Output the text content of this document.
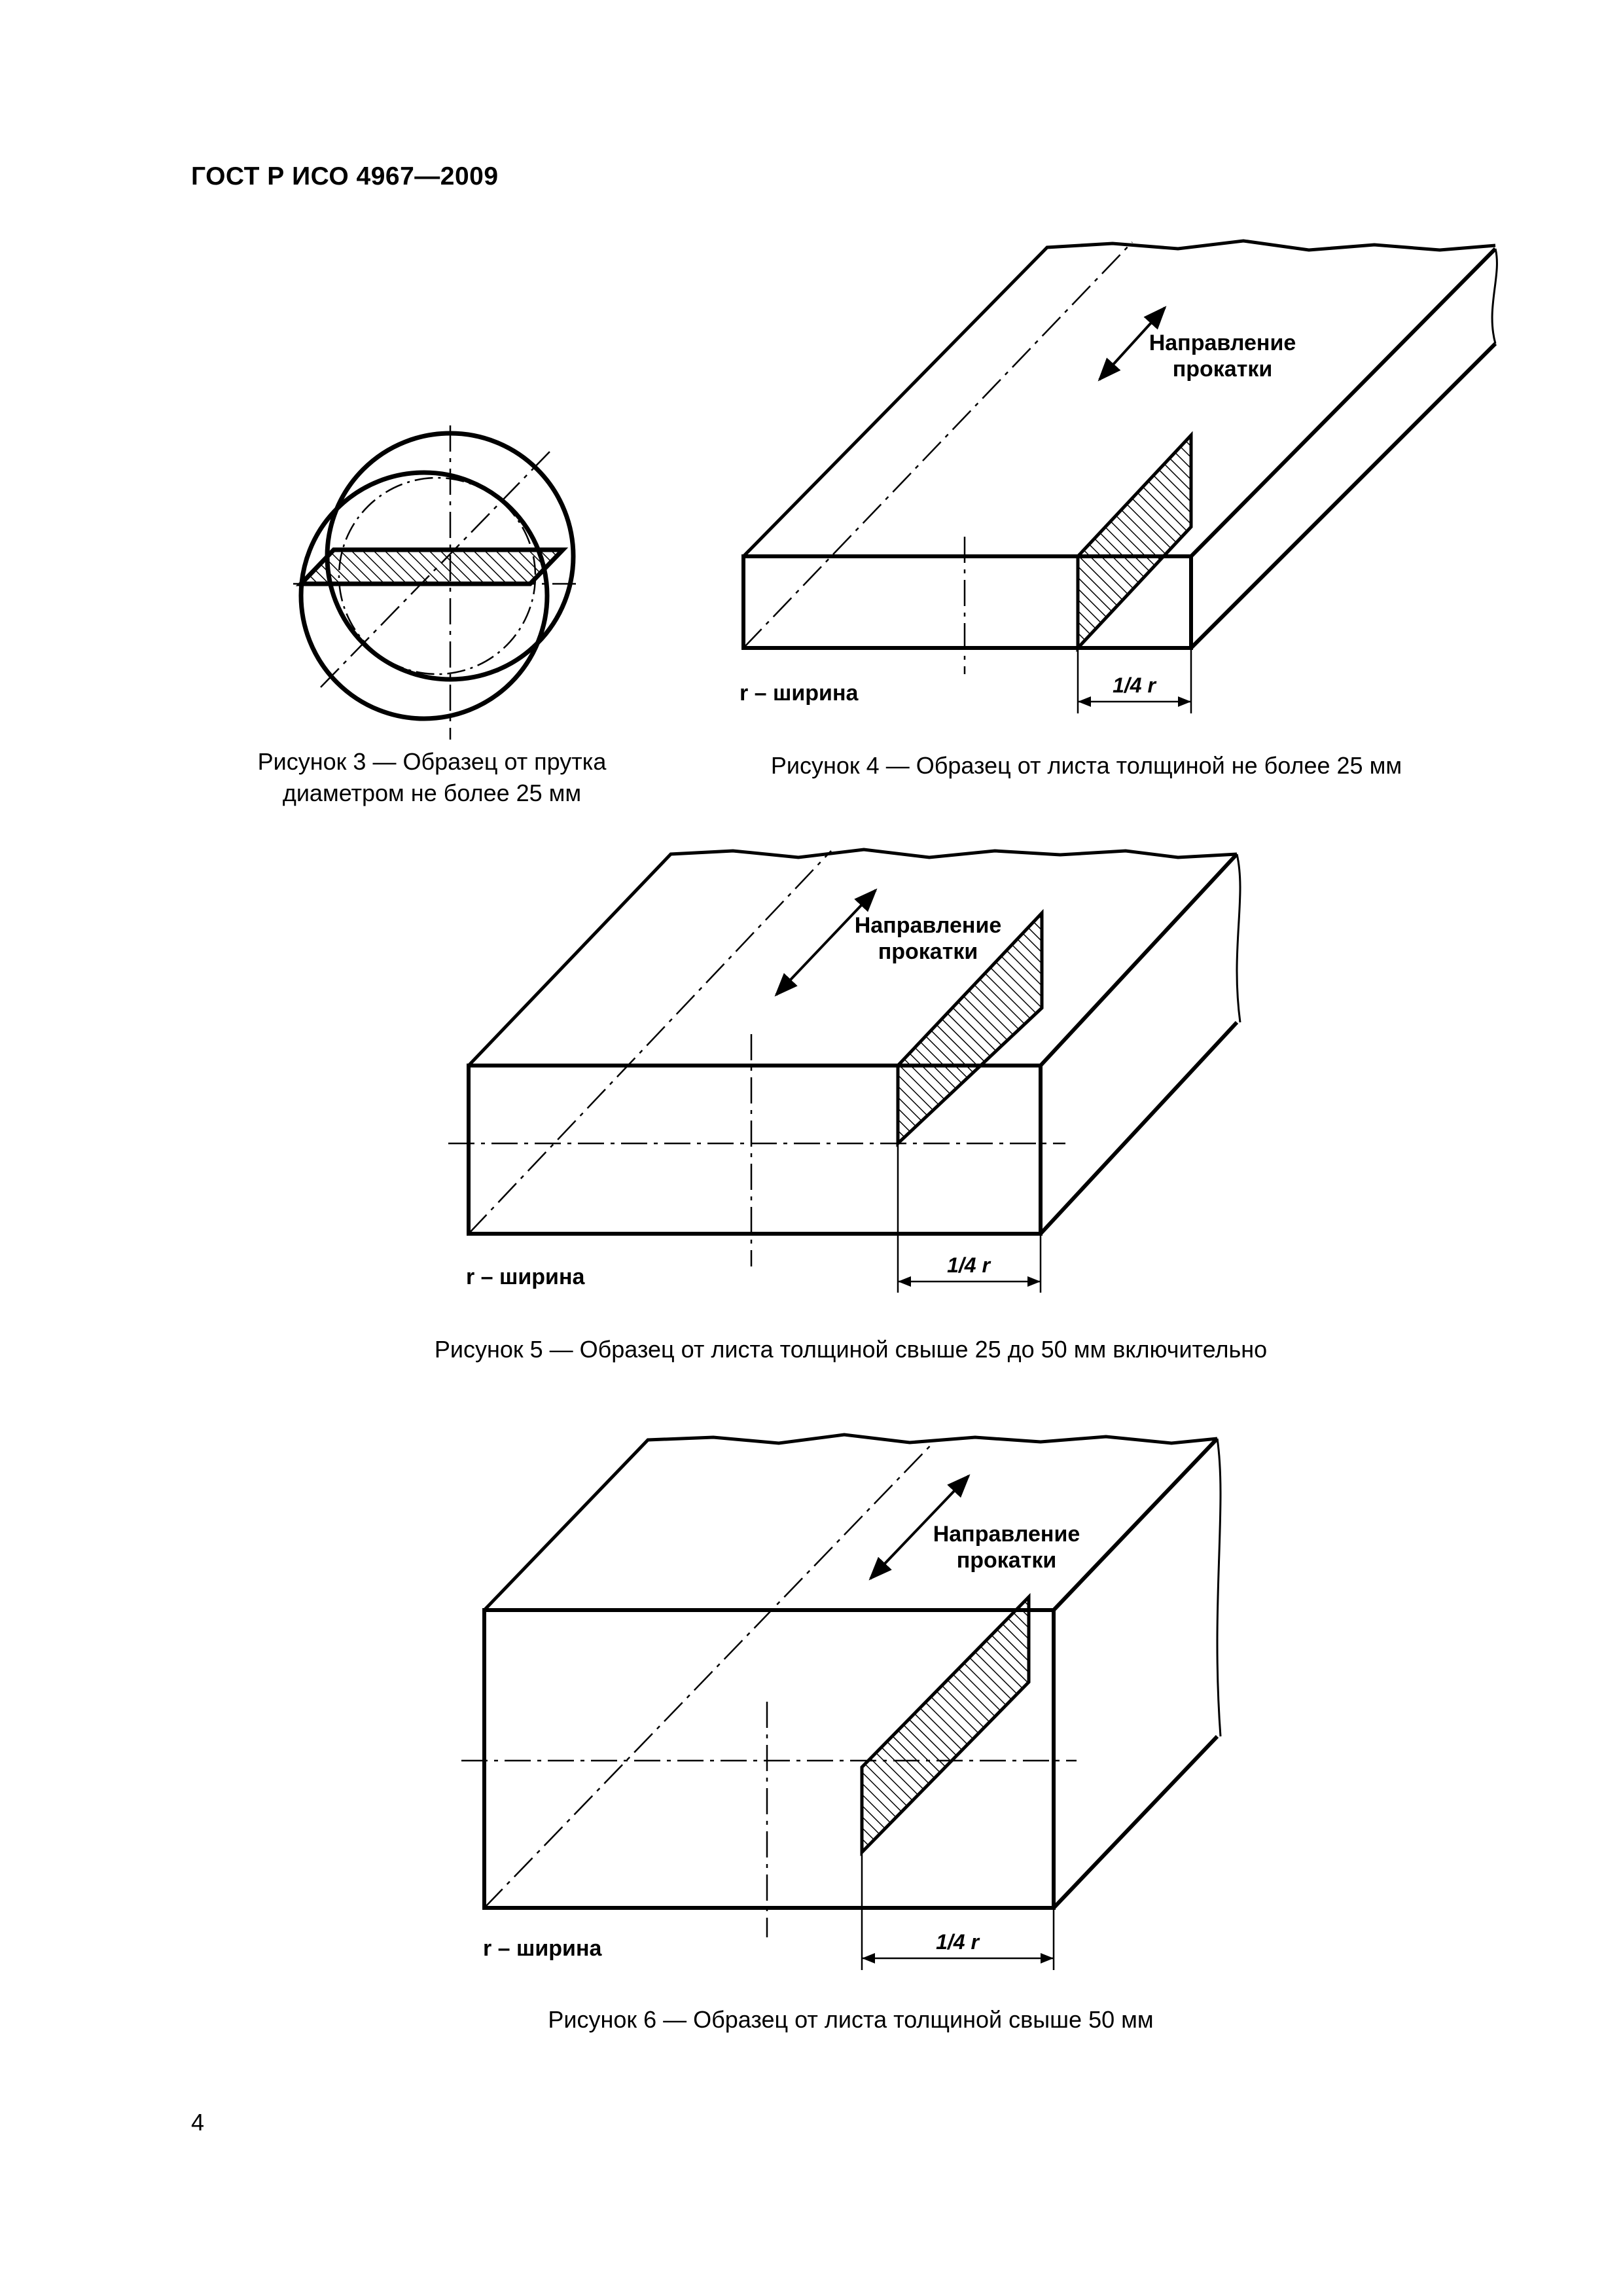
ГОСТ Р ИСО 4967—2009
Направление
прокатки
1/4 r
r – ширина
Направление
прокатки
1/4 r
r – ширина
Направление
прокатки
1/4 r
r – ширина
Рисунок 3 — Образец от прутка
диаметром не более 25 мм
Рисунок 4 — Образец от листа толщиной не более 25 мм
Рисунок 5 — Образец от листа толщиной свыше 25 до 50 мм включительно
Рисунок 6 — Образец от листа толщиной свыше 50 мм
4
